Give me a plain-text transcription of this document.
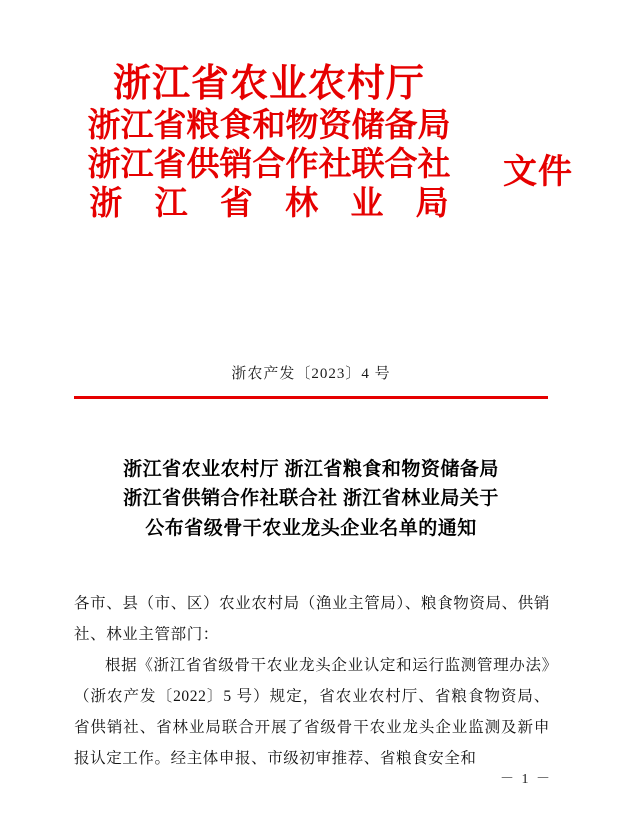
浙江省农业农村厅
浙江省粮食和物资储备局
浙江省供销合作社联合社
浙 江 省 林 业 局
文件
浙农产发〔2023〕4 号
浙江省农业农村厅 浙江省粮食和物资储备局
浙江省供销合作社联合社 浙江省林业局关于
公布省级骨干农业龙头企业名单的通知

各市、县（市、区）农业农村局（渔业主管局）、粮食物资局、供销社、林业主管部门：

根据《浙江省省级骨干农业龙头企业认定和运行监测管理办法》（浙农产发〔2022〕5 号）规定，省农业农村厅、省粮食物资局、省供销社、省林业局联合开展了省级骨干农业龙头企业监测及新申报认定工作。经主体申报、市级初审推荐、省粮食安全和

－ 1 －
